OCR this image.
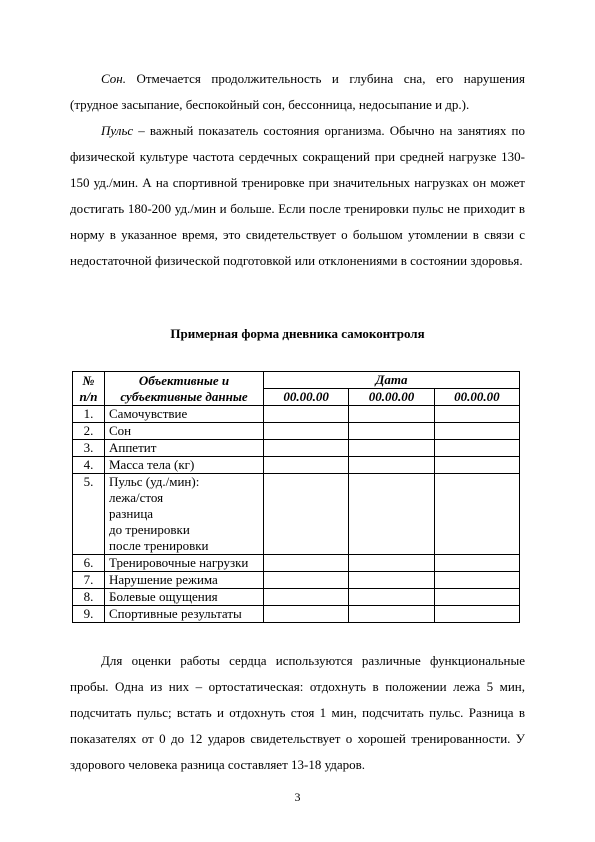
Сон. Отмечается продолжительность и глубина сна, его нарушения (трудное засыпание, беспокойный сон, бессонница, недосыпание и др.).

Пульс – важный показатель состояния организма. Обычно на занятиях по физической культуре частота сердечных сокращений при средней нагрузке 130-150 уд./мин. А на спортивной тренировке при значительных нагрузках он может достигать 180-200 уд./мин и больше. Если после тренировки пульс не приходит в норму в указанное время, это свидетельствует о большом утомлении в связи с недостаточной физической подготовкой или отклонениями в состоянии здоровья.

Примерная форма дневника самоконтроля

№ п/п	Объективные и субъективные данные	Дата		
		00.00.00	00.00.00	00.00.00
1.	Самочувствие			
2.	Сон			
3.	Аппетит			
4.	Масса тела (кг)			
5.	Пульс (уд./мин):
лежа/стоя
разница
до тренировки
после тренировки			
6.	Тренировочные нагрузки			
7.	Нарушение режима			
8.	Болевые ощущения			
9.	Спортивные результаты			

Для оценки работы сердца используются различные функциональные пробы. Одна из них – ортостатическая: отдохнуть в положении лежа 5 мин, подсчитать пульс; встать и отдохнуть стоя 1 мин, подсчитать пульс. Разница в показателях от 0 до 12 ударов свидетельствует о хорошей тренированности. У здорового человека разница составляет 13-18 ударов.

3
